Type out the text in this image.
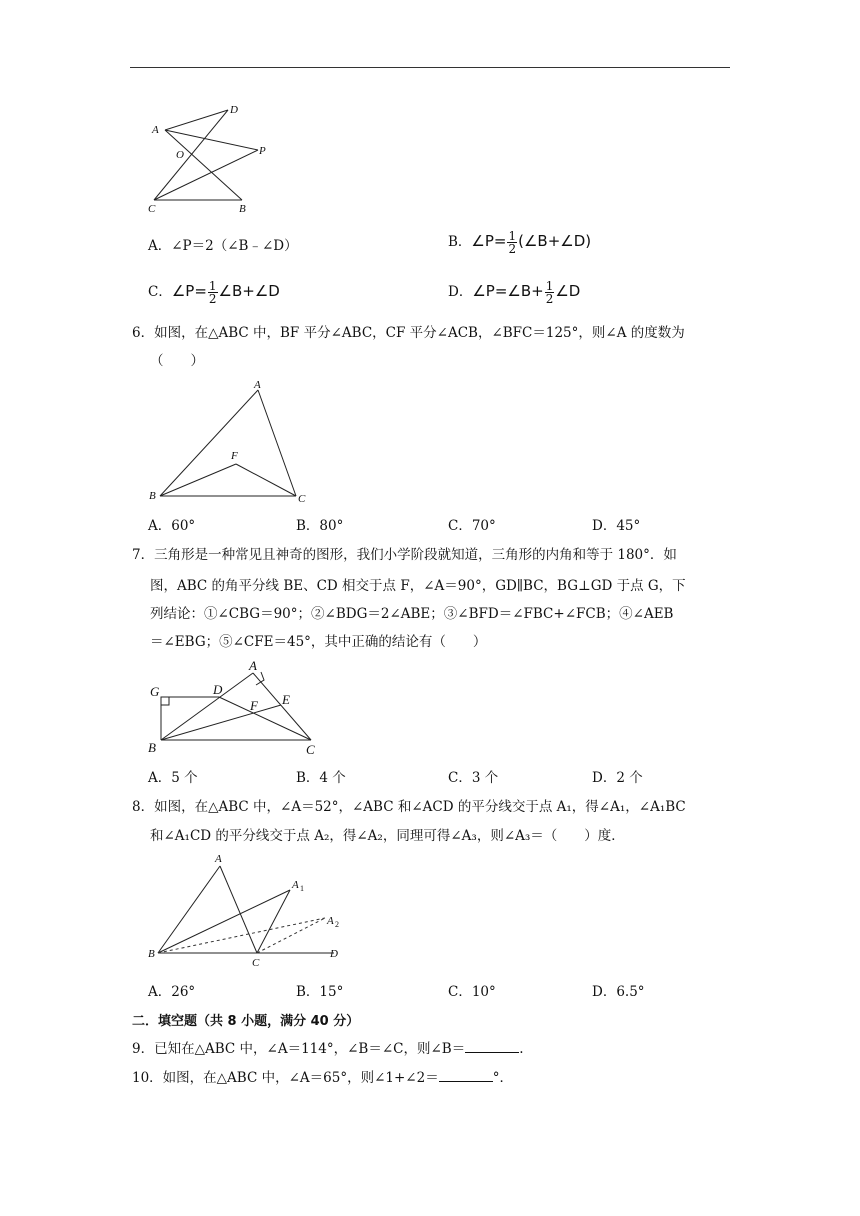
D
A
O	P
C	B
A．∠P＝2（∠B﹣∠D）	B．∠P= $\frac{1}{2}$ (∠B+∠D)
C．∠P= $\frac{1}{2}$ ∠B+∠D	D．∠P=∠B+ $\frac{1}{2}$ ∠D
6．如图，在△ABC 中，BF 平分∠ABC，CF 平分∠ACB，∠BFC＝125°，则∠A 的度数为
（　　）
A
F
B	C
A．60°	B．80°	C．70°	D．45°
7．三角形是一种常见且神奇的图形，我们小学阶段就知道，三角形的内角和等于 180°．如
图，ABC 的角平分线 BE、CD 相交于点 F，∠A＝90°，GD∥BC，BG⊥GD 于点 G，下
列结论：①∠CBG＝90°；②∠BDG＝2∠ABE；③∠BFD＝∠FBC+∠FCB；④∠AEB
＝∠EBG；⑤∠CFE＝45°，其中正确的结论有（　　）
A
G	D
E
F
B	C
A．5 个	B．4 个	C．3 个	D．2 个
8．如图，在△ABC 中，∠A＝52°，∠ABC 和∠ACD 的平分线交于点 A₁，得∠A₁，∠A₁BC
和∠A₁CD 的平分线交于点 A₂，得∠A₂，同理可得∠A₃，则∠A₃＝（　　）度．
A
A 1
A 2
B
C
D
A．26°	B．15°	C．10°	D．6.5°
二．填空题（共 8 小题，满分 40 分）
9．已知在△ABC 中，∠A＝114°，∠B＝∠C，则∠B＝	.
10．如图，在△ABC 中，∠A＝65°，则∠1+∠2＝	°．
